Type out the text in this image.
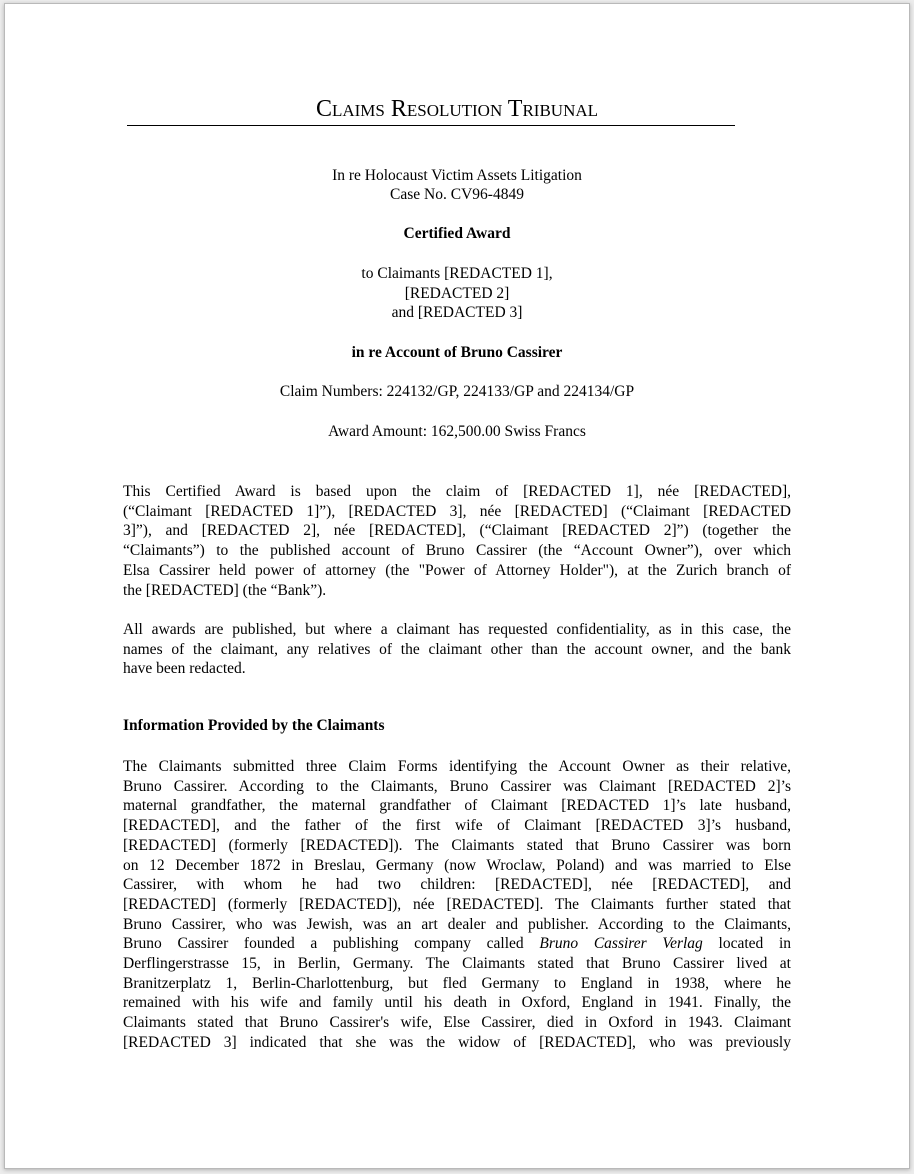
Claims Resolution Tribunal
In re Holocaust Victim Assets Litigation
Case No. CV96-4849
Certified Award
to Claimants [REDACTED 1],
[REDACTED 2]
and [REDACTED 3]
in re Account of Bruno Cassirer
Claim Numbers: 224132/GP, 224133/GP and 224134/GP
Award Amount: 162,500.00 Swiss Francs
This Certified Award is based upon the claim of [REDACTED 1], née [REDACTED],
(“Claimant [REDACTED 1]”), [REDACTED 3], née [REDACTED] (“Claimant [REDACTED
3]”), and [REDACTED 2], née [REDACTED], (“Claimant [REDACTED 2]”) (together the
“Claimants”) to the published account of Bruno Cassirer (the “Account Owner”), over which
Elsa Cassirer held power of attorney (the "Power of Attorney Holder"), at the Zurich branch of
the [REDACTED] (the “Bank”).
All awards are published, but where a claimant has requested confidentiality, as in this case, the
names of the claimant, any relatives of the claimant other than the account owner, and the bank
have been redacted.
Information Provided by the Claimants
The Claimants submitted three Claim Forms identifying the Account Owner as their relative,
Bruno Cassirer. According to the Claimants, Bruno Cassirer was Claimant [REDACTED 2]’s
maternal grandfather, the maternal grandfather of Claimant [REDACTED 1]’s late husband,
[REDACTED], and the father of the first wife of Claimant [REDACTED 3]’s husband,
[REDACTED] (formerly [REDACTED]). The Claimants stated that Bruno Cassirer was born
on 12 December 1872 in Breslau, Germany (now Wroclaw, Poland) and was married to Else
Cassirer, with whom he had two children: [REDACTED], née [REDACTED], and
[REDACTED] (formerly [REDACTED]), née [REDACTED]. The Claimants further stated that
Bruno Cassirer, who was Jewish, was an art dealer and publisher. According to the Claimants,
Bruno Cassirer founded a publishing company called Bruno Cassirer Verlag located in
Derflingerstrasse 15, in Berlin, Germany. The Claimants stated that Bruno Cassirer lived at
Branitzerplatz 1, Berlin-Charlottenburg, but fled Germany to England in 1938, where he
remained with his wife and family until his death in Oxford, England in 1941. Finally, the
Claimants stated that Bruno Cassirer's wife, Else Cassirer, died in Oxford in 1943. Claimant
[REDACTED 3] indicated that she was the widow of [REDACTED], who was previously
